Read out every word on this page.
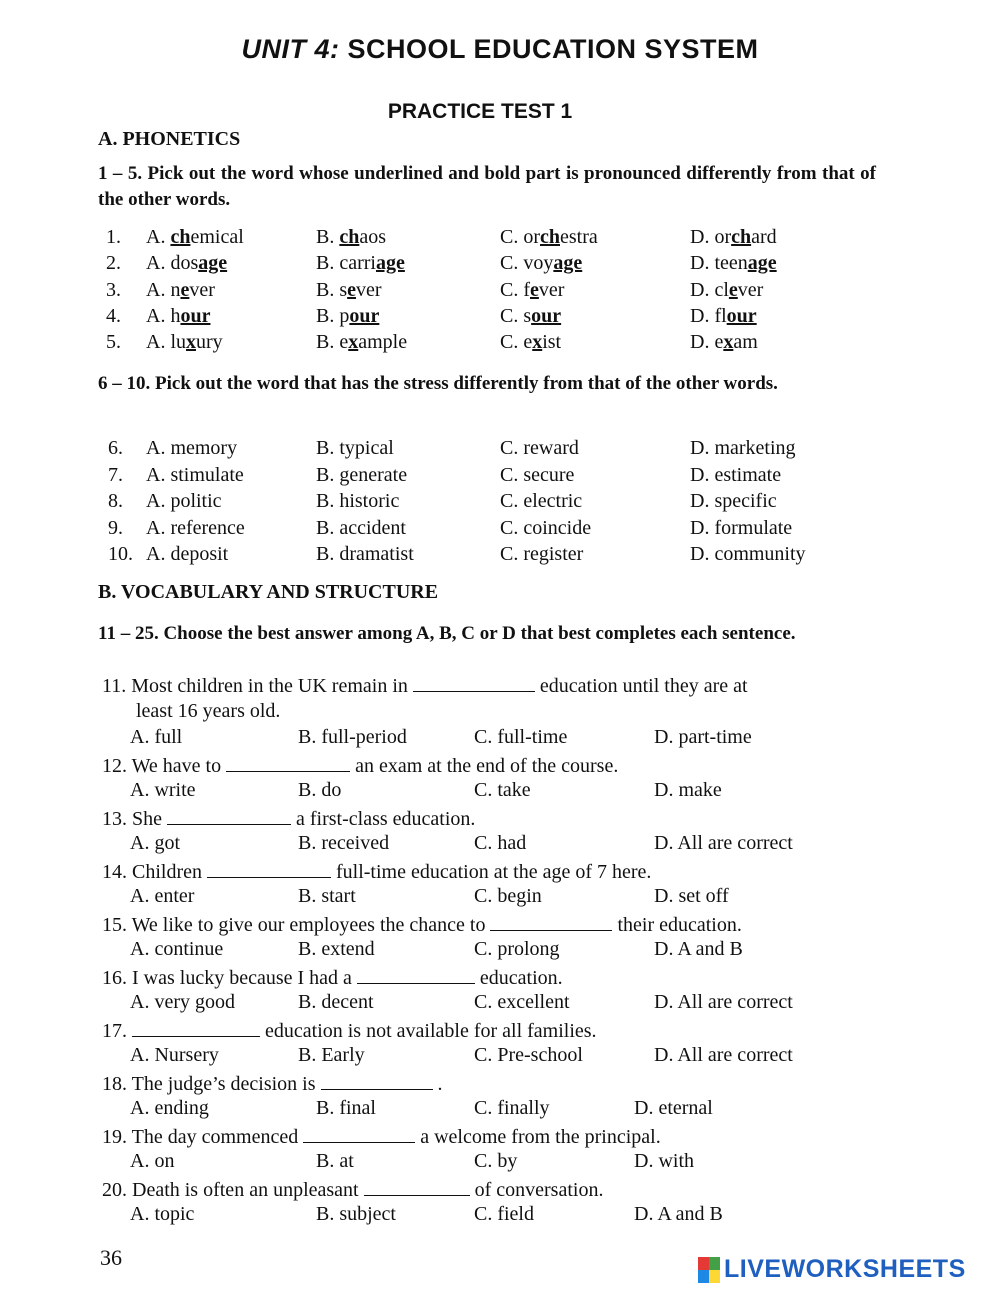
UNIT 4: SCHOOL EDUCATION SYSTEM
PRACTICE TEST 1
A. PHONETICS
1 – 5. Pick out the word whose underlined and bold part is pronounced differently from that of the other words.
1. A. chemical	B. chaos	C. orchestra	D. orchard
2. A. dosage	B. carriage	C. voyage	D. teenage
3. A. never	B. sever	C. fever	D. clever
4. A. hour	B. pour	C. sour	D. flour
5. A. luxury	B. example	C. exist	D. exam
6 – 10. Pick out the word that has the stress differently from that of the other words.
6. A. memory	B. typical	C. reward	D. marketing
7. A. stimulate	B. generate	C. secure	D. estimate
8. A. politic	B. historic	C. electric	D. specific
9. A. reference	B. accident	C. coincide	D. formulate
10. A. deposit	B. dramatist	C. register	D. community
B. VOCABULARY AND STRUCTURE
11 – 25. Choose the best answer among A, B, C or D that best completes each sentence.
11. Most children in the UK remain in	education until they are at
least 16 years old.
A. full	B. full-period	C. full-time	D. part-time
12. We have to	an exam at the end of the course.
A. write	B. do	C. take	D. make
13. She	a first-class education.
A. got	B. received	C. had	D. All are correct
14. Children	full-time education at the age of 7 here.
A. enter	B. start	C. begin	D. set off
15. We like to give our employees the chance to	their education.
A. continue	B. extend	C. prolong	D. A and B
16. I was lucky because I had a	education.
A. very good	B. decent	C. excellent	D. All are correct
17.	education is not available for all families.
A. Nursery	B. Early	C. Pre-school	D. All are correct
18. The judge’s decision is	.
A. ending	B. final	C. finally	D. eternal
19. The day commenced	a welcome from the principal.
A. on	B. at	C. by	D. with
20. Death is often an unpleasant	of conversation.
A. topic	B. subject	C. field	D. A and B
36	LIVEWORKSHEETS
